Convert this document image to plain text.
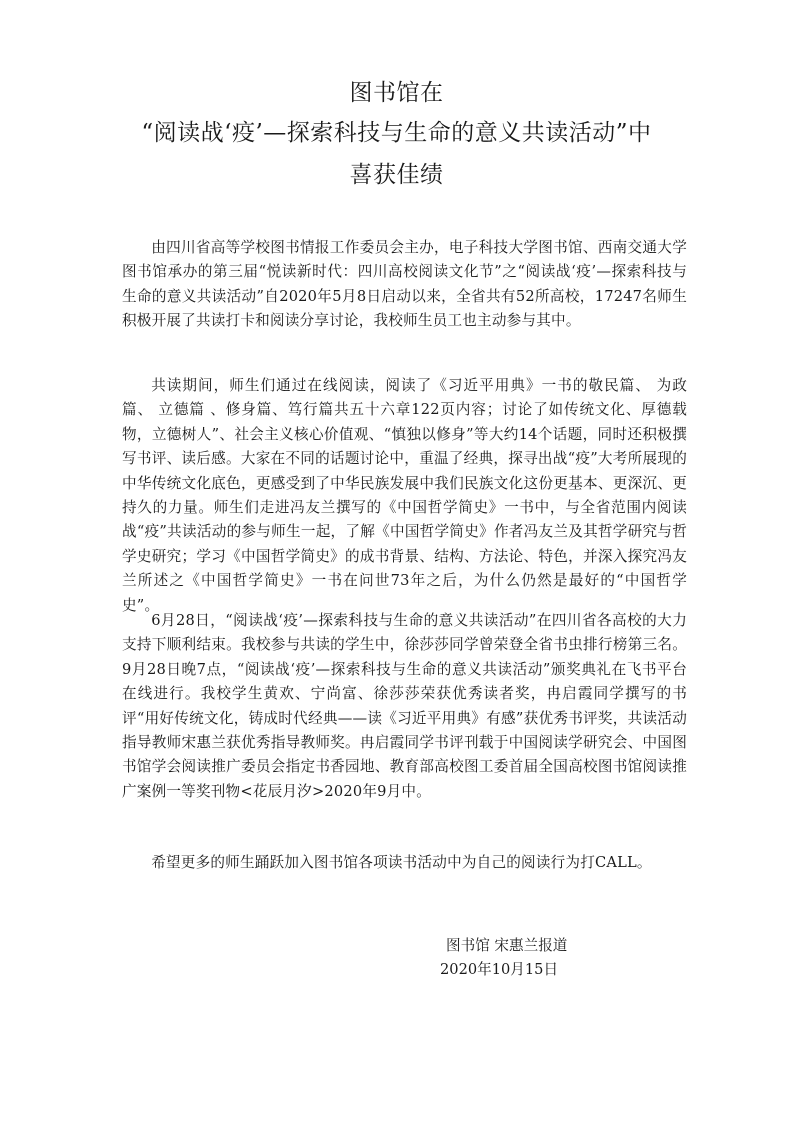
图书馆在
“阅读战‘疫’—探索科技与生命的意义共读活动”中
喜获佳绩

由四川省高等学校图书情报工作委员会主办，电子科技大学图书馆、西南交通大学图书馆承办的第三届“悦读新时代：四川高校阅读文化节”之“阅读战‘疫’—探索科技与生命的意义共读活动”自2020年5月8日启动以来，全省共有52所高校，17247名师生积极开展了共读打卡和阅读分享讨论，我校师生员工也主动参与其中。

共读期间，师生们通过在线阅读，阅读了《习近平用典》一书的敬民篇、 为政篇、 立德篇 、修身篇、笃行篇共五十六章122页内容；讨论了如传统文化、厚德载物，立德树人”、社会主义核心价值观、“慎独以修身”等大约14个话题，同时还积极撰写书评、读后感。大家在不同的话题讨论中，重温了经典，探寻出战“疫”大考所展现的中华传统文化底色，更感受到了中华民族发展中我们民族文化这份更基本、更深沉、更持久的力量。师生们走进冯友兰撰写的《中国哲学简史》一书中，与全省范围内阅读战“疫”共读活动的参与师生一起，了解《中国哲学简史》作者冯友兰及其哲学研究与哲学史研究；学习《中国哲学简史》的成书背景、结构、方法论、特色，并深入探究冯友兰所述之《中国哲学简史》一书在问世73年之后，为什么仍然是最好的“中国哲学史”。

6月28日，“阅读战‘疫’—探索科技与生命的意义共读活动”在四川省各高校的大力支持下顺利结束。我校参与共读的学生中，徐莎莎同学曾荣登全省书虫排行榜第三名。9月28日晚7点，“阅读战‘疫’—探索科技与生命的意义共读活动”颁奖典礼在飞书平台在线进行。我校学生黄欢、宁尚富、徐莎莎荣获优秀读者奖，冉启霞同学撰写的书评“用好传统文化，铸成时代经典——读《习近平用典》有感”获优秀书评奖，共读活动指导教师宋惠兰获优秀指导教师奖。冉启霞同学书评刊载于中国阅读学研究会、中国图书馆学会阅读推广委员会指定书香园地、教育部高校图工委首届全国高校图书馆阅读推广案例一等奖刊物<花辰月汐>2020年9月中。

希望更多的师生踊跃加入图书馆各项读书活动中为自己的阅读行为打CALL。

图书馆 宋惠兰报道

2020年10月15日
